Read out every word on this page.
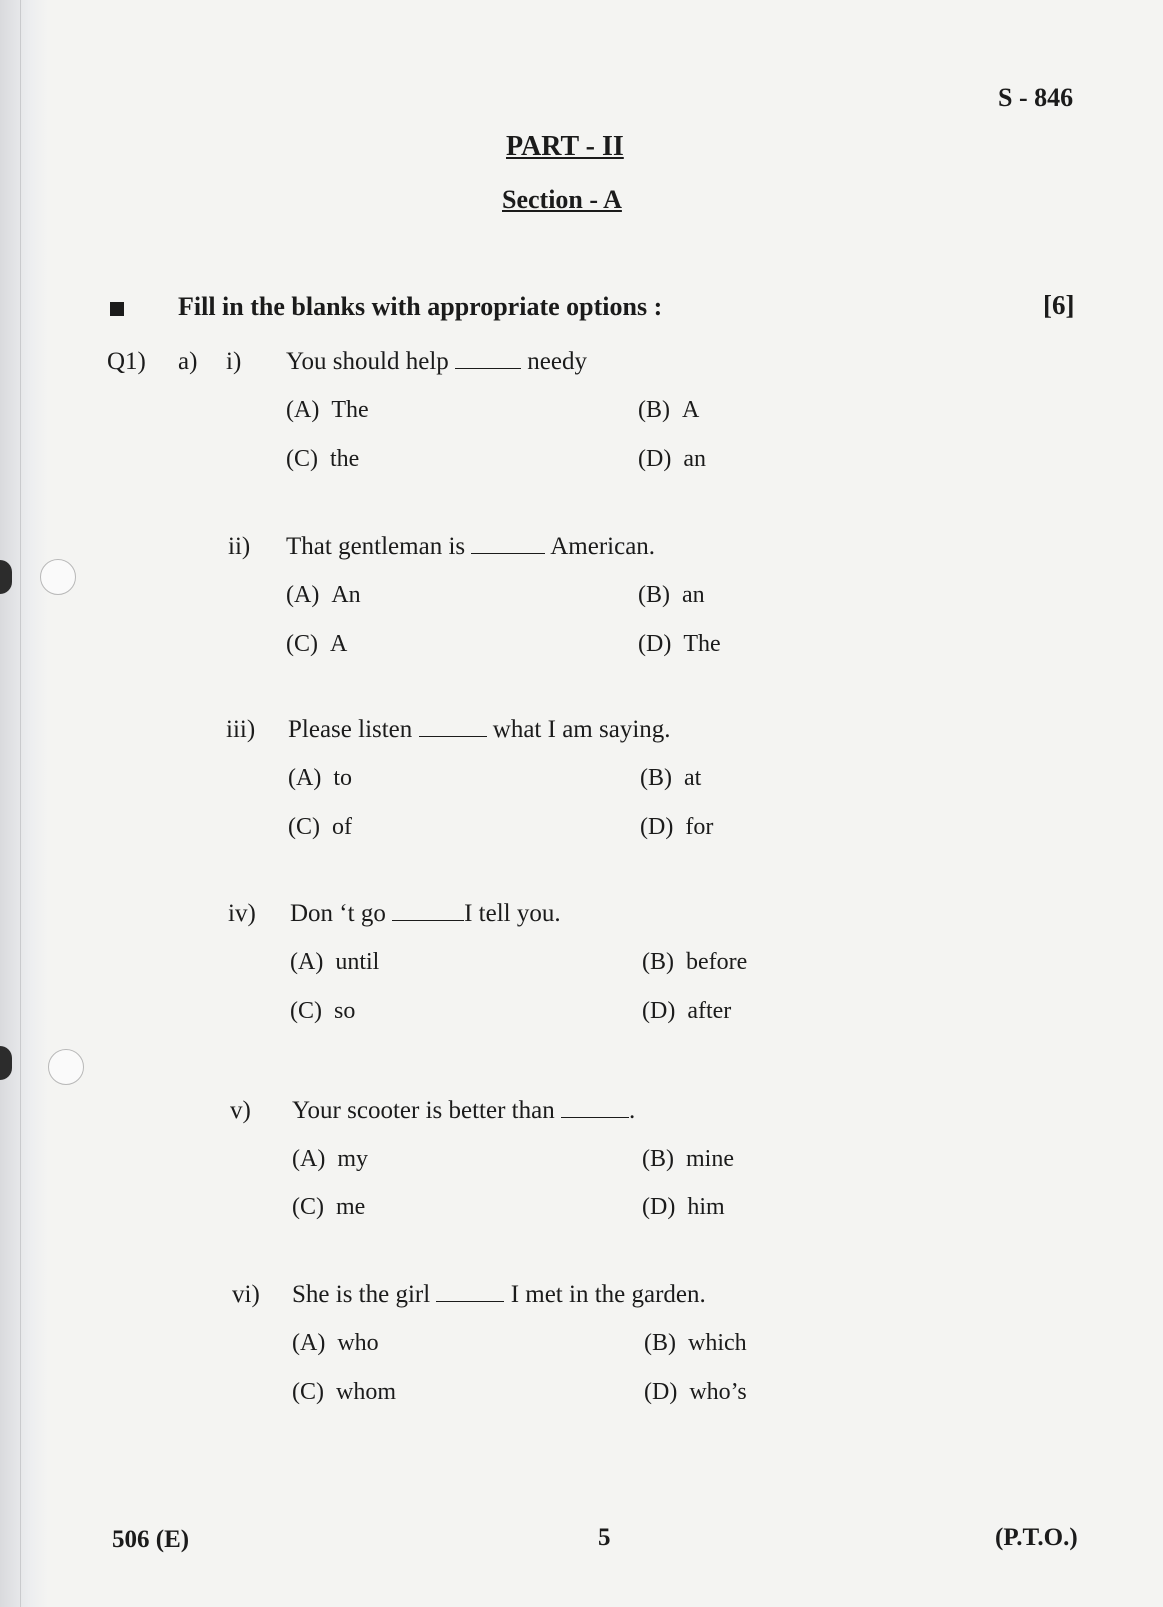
S - 846
PART - II
Section - A
Fill in the blanks with appropriate options :	[6]
Q1) a) i) You should help	needy
(A) The	(B) A
(C) the	(D) an
ii) That gentleman is	American.
(A) An	(B) an
(C) A	(D) The
iii) Please listen	what I am saying.
(A) to	(B) at
(C) of	(D) for
iv) Don ‘t go	I tell you.
(A) until	(B) before
(C) so	(D) after
v) Your scooter is better than	.
(A) my	(B) mine
(C) me	(D) him
vi) She is the girl	I met in the garden.
(A) who	(B) which
(C) whom	(D) who’s
506 (E)	5	(P.T.O.)
